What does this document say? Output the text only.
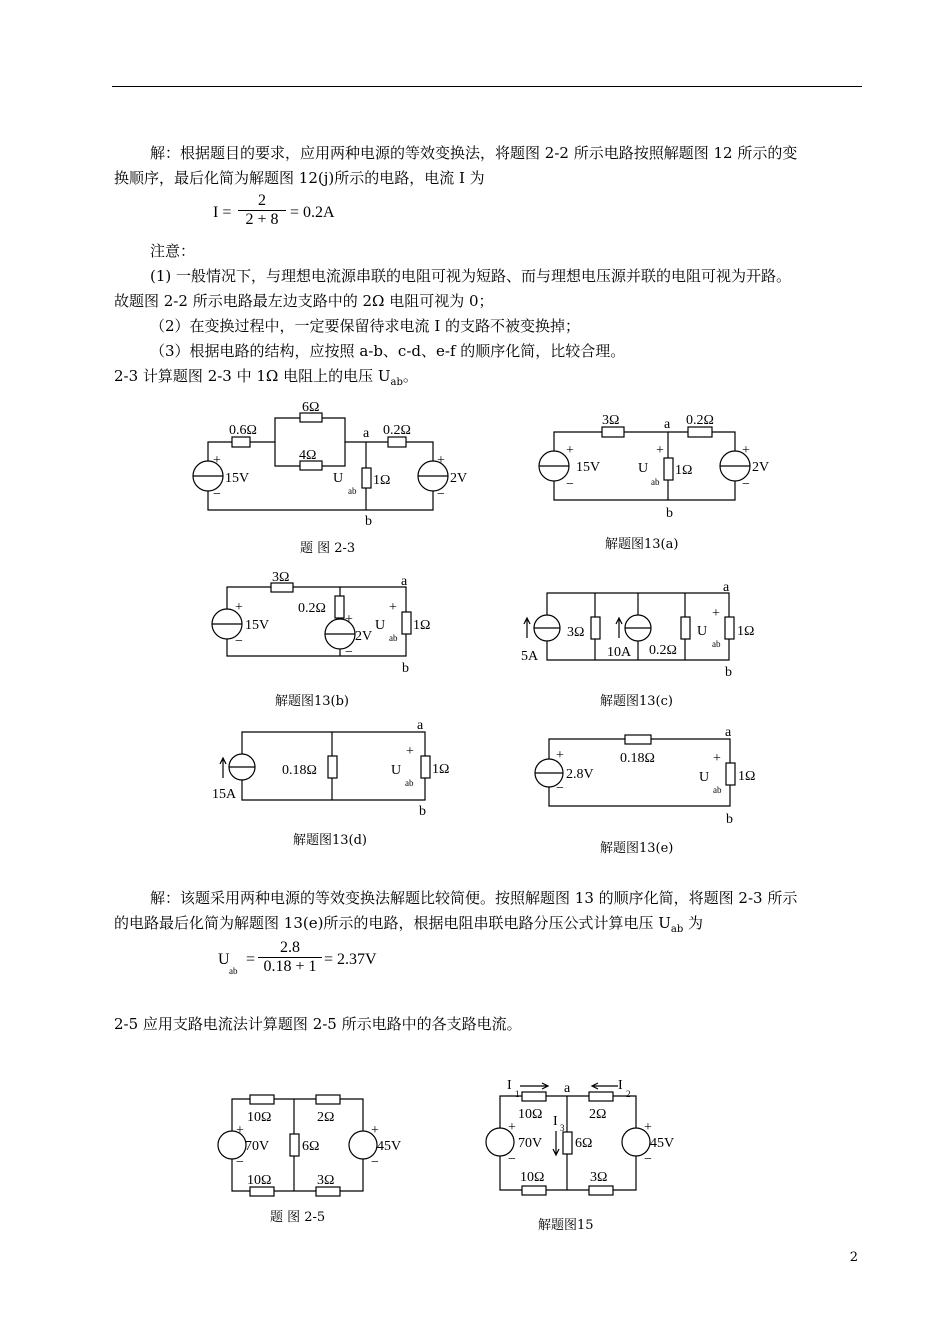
解：根据题目的要求，应用两种电源的等效变换法，将题图 2-2 所示电路按照解题图 12 所示的变
换顺序，最后化简为解题图 12(j)所示的电路，电流 I 为
I =
2
2 + 8 = 0.2A
注意：
(1) 一般情况下，与理想电流源串联的电阻可视为短路、而与理想电压源并联的电阻可视为开路。
故题图 2-2 所示电路最左边支路中的 2Ω 电阻可视为 0；
（2）在变换过程中，一定要保留待求电流 I 的支路不被变换掉；
（3）根据电路的结构，应按照 a-b、c-d、e-f 的顺序化简，比较合理。
2-3 计算题图 2-3 中 1Ω 电阻上的电压 $U_{ab}$。
0.6Ω
6Ω
4Ω
0.2Ω
a
b
1Ω
U
ab
15V	2V
+
−
+
−
题 图 2-3
3Ω	a 0.2Ω
b
1Ω
U
ab
15V	2V
+
−
+
−
+
解题图13(a)
3Ω
0.2Ω
a
b
1Ω
U
ab
15V
2V
+
−
+
−
+
解题图13(b)
3Ω
5A	10A 0.2Ω
a
b
1Ω
U
ab
+
解题图13(c)
0.18Ω
15A
a
b
1Ω
U
ab
+
解题图13(d)
0.18Ω
2.8V
+
−
a
b
1Ω
U
ab
+
解题图13(e)
解：该题采用两种电源的等效变换法解题比较简便。按照解题图 13 的顺序化简，将题图 2-3 所示
的电路最后化简为解题图 13(e)所示的电路，根据电阻串联电路分压公式计算电压 $U_{ab}$ 为
U
ab
=
2.8
0.18 + 1 = 2.37V
2-5 应用支路电流法计算题图 2-5 所示电路中的各支路电流。
10Ω	2Ω
10Ω	3Ω
6Ω
70V	45V
+
−
+
−
题 图 2-5
I
1
I
2
a
I 3
10Ω	2Ω
10Ω	3Ω
6Ω
70V	45V
+
−
+
−
解题图15
2
